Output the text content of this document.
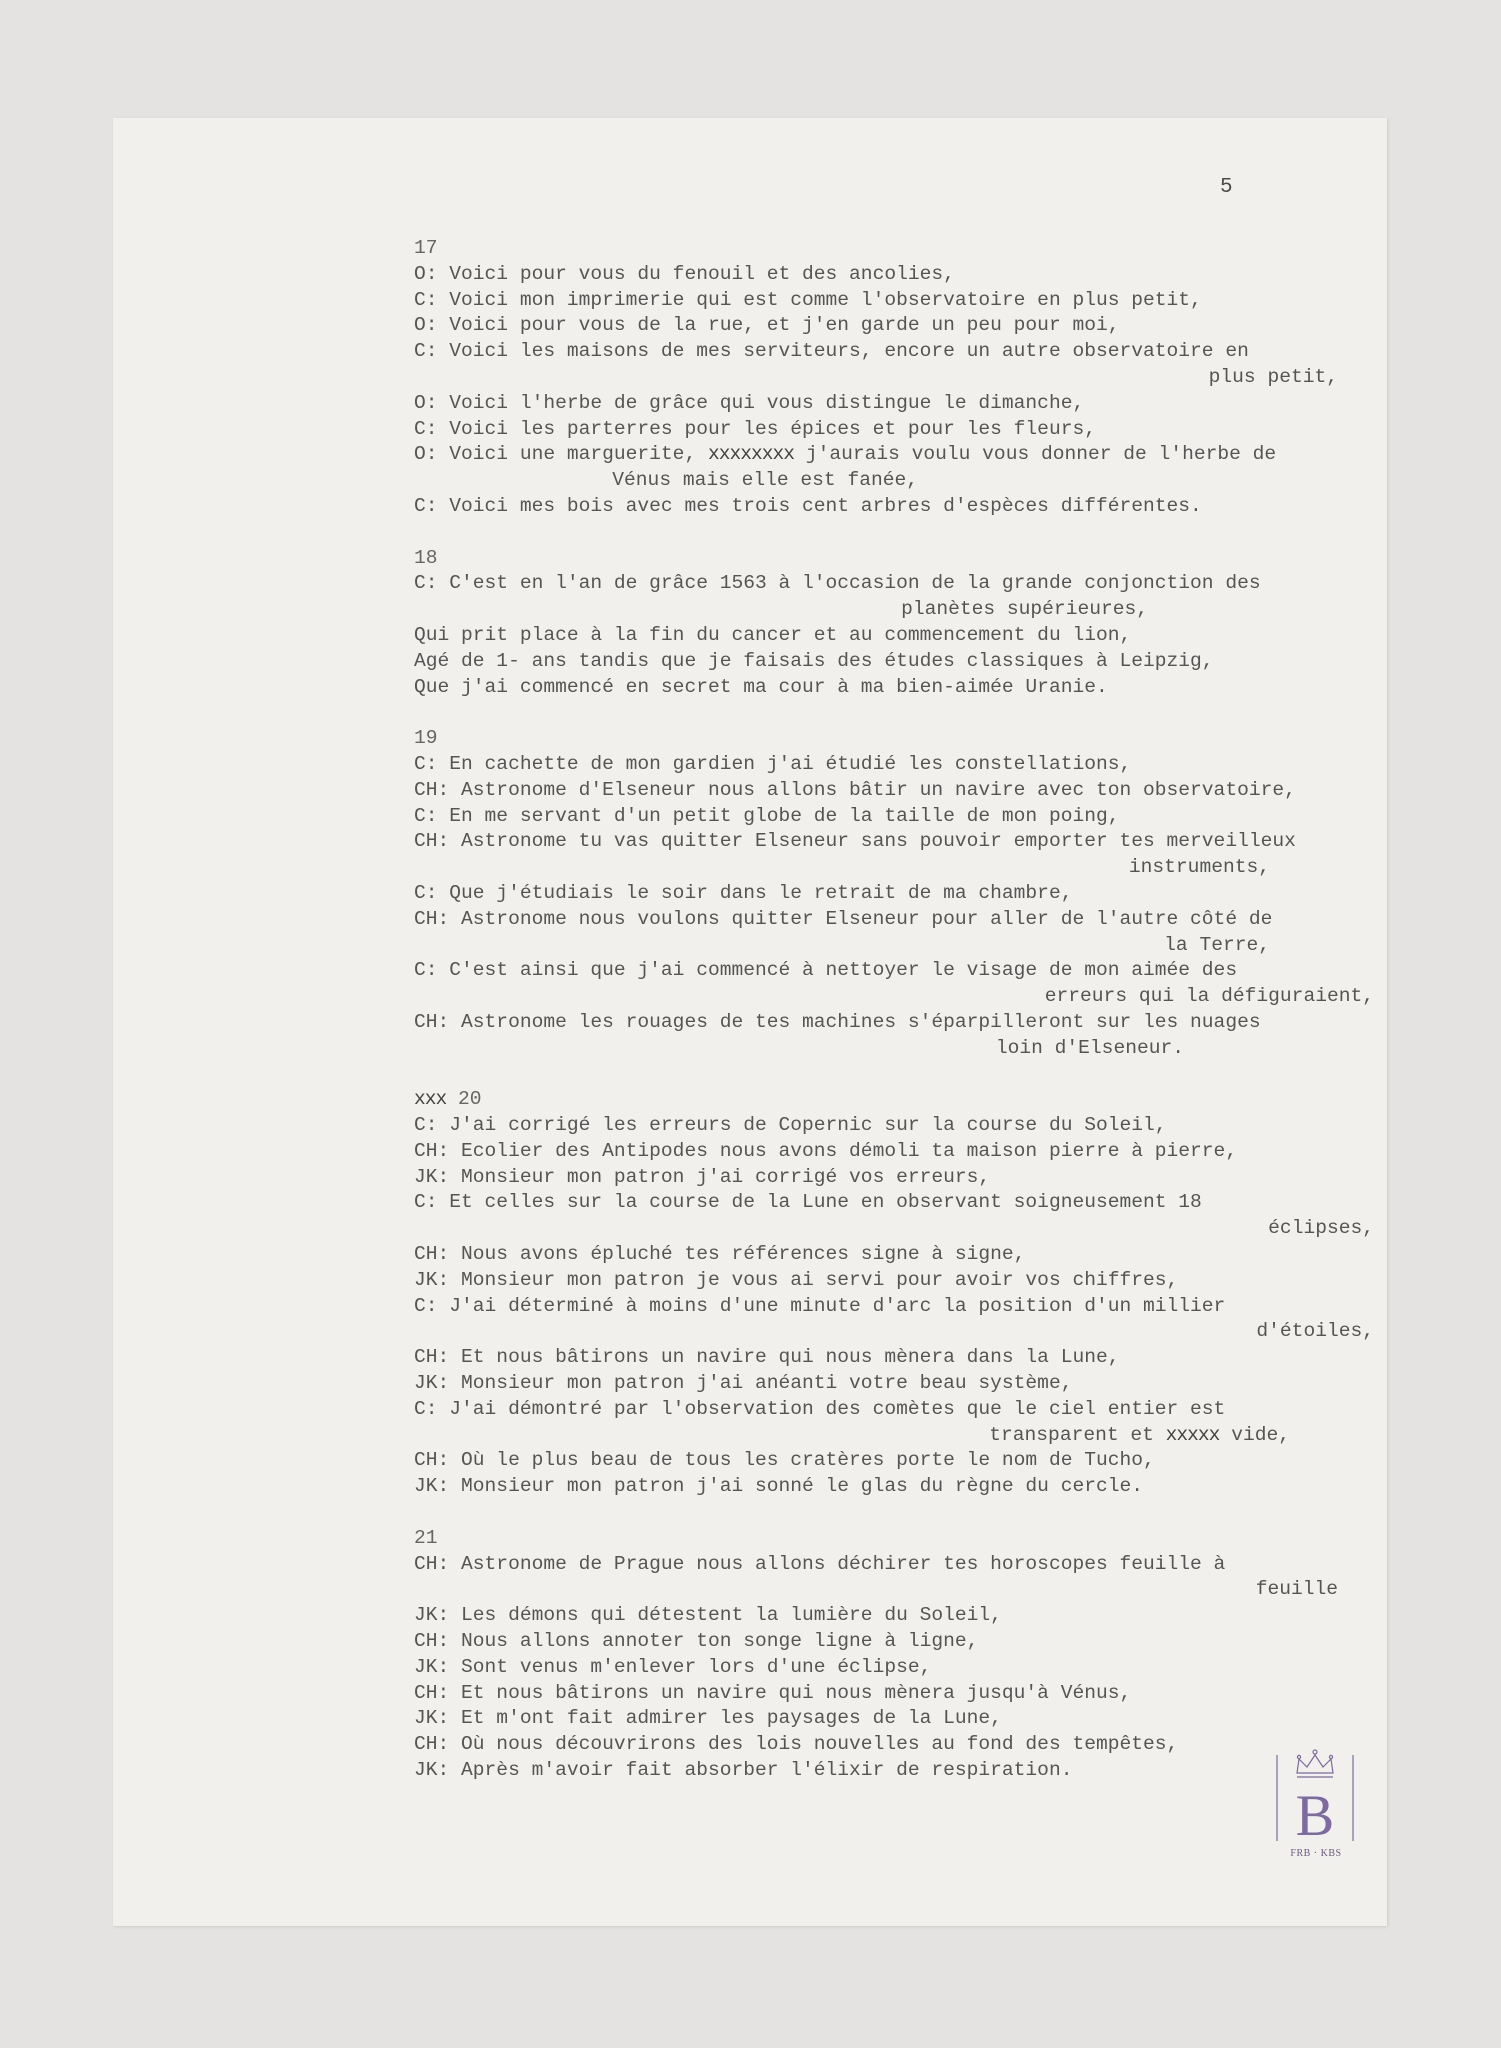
5
17
O: Voici pour vous du fenouil et des ancolies,
C: Voici mon imprimerie qui est comme l'observatoire en plus petit,
O: Voici pour vous de la rue, et j'en garde un peu pour moi,
C: Voici les maisons de mes serviteurs, encore un autre observatoire en
plus petit,
O: Voici l'herbe de grâce qui vous distingue le dimanche,
C: Voici les parterres pour les épices et pour les fleurs,
O: Voici une marguerite, xxxxxxxx j'aurais voulu vous donner de l'herbe de
Vénus mais elle est fanée,
C: Voici mes bois avec mes trois cent arbres d'espèces différentes.
18
C: C'est en l'an de grâce 1563 à l'occasion de la grande conjonction des
planètes supérieures,
Qui prit place à la fin du cancer et au commencement du lion,
Agé de 1- ans tandis que je faisais des études classiques à Leipzig,
Que j'ai commencé en secret ma cour à ma bien-aimée Uranie.
19
C: En cachette de mon gardien j'ai étudié les constellations,
CH: Astronome d'Elseneur nous allons bâtir un navire avec ton observatoire,
C: En me servant d'un petit globe de la taille de mon poing,
CH: Astronome tu vas quitter Elseneur sans pouvoir emporter tes merveilleux
instruments,
C: Que j'étudiais le soir dans le retrait de ma chambre,
CH: Astronome nous voulons quitter Elseneur pour aller de l'autre côté de
la Terre,
C: C'est ainsi que j'ai commencé à nettoyer le visage de mon aimée des
erreurs qui la défiguraient,
CH: Astronome les rouages de tes machines s'éparpilleront sur les nuages
loin d'Elseneur.
xxx 20
C: J'ai corrigé les erreurs de Copernic sur la course du Soleil,
CH: Ecolier des Antipodes nous avons démoli ta maison pierre à pierre,
JK: Monsieur mon patron j'ai corrigé vos erreurs,
C: Et celles sur la course de la Lune en observant soigneusement 18
éclipses,
CH: Nous avons épluché tes références signe à signe,
JK: Monsieur mon patron je vous ai servi pour avoir vos chiffres,
C: J'ai déterminé à moins d'une minute d'arc la position d'un millier
d'étoiles,
CH: Et nous bâtirons un navire qui nous mènera dans la Lune,
JK: Monsieur mon patron j'ai anéanti votre beau système,
C: J'ai démontré par l'observation des comètes que le ciel entier est
transparent et xxxxx vide,
CH: Où le plus beau de tous les cratères porte le nom de Tucho,
JK: Monsieur mon patron j'ai sonné le glas du règne du cercle.
21
CH: Astronome de Prague nous allons déchirer tes horoscopes feuille à
feuille
JK: Les démons qui détestent la lumière du Soleil,
CH: Nous allons annoter ton songe ligne à ligne,
JK: Sont venus m'enlever lors d'une éclipse,
CH: Et nous bâtirons un navire qui nous mènera jusqu'à Vénus,
JK: Et m'ont fait admirer les paysages de la Lune,
CH: Où nous découvrirons des lois nouvelles au fond des tempêtes,
JK: Après m'avoir fait absorber l'élixir de respiration.
B
FRB · KBS
